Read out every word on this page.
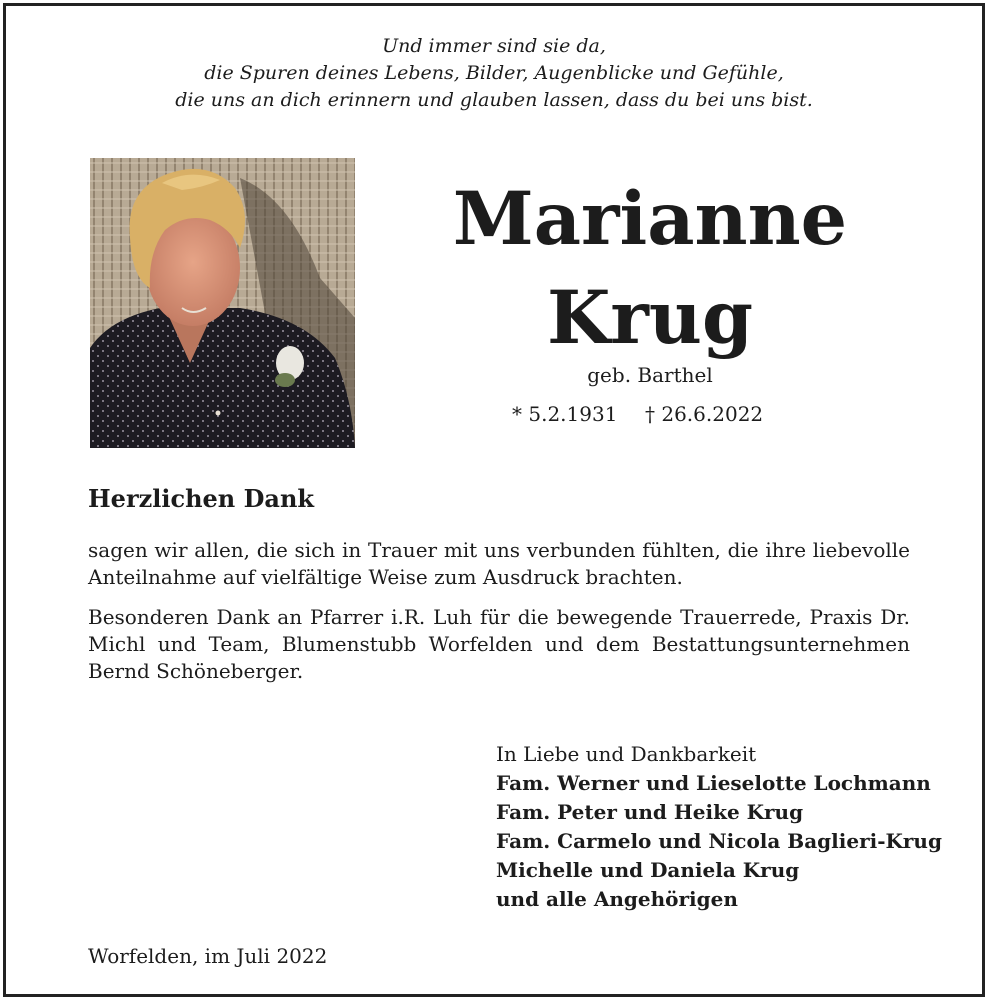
Und immer sind sie da,
die Spuren deines Lebens, Bilder, Augenblicke und Gefühle,
die uns an dich erinnern und glauben lassen, dass du bei uns bist.
Marianne
Krug
geb. Barthel
* 5.2.1931 † 26.6.2022
Herzlichen Dank
sagen wir allen, die sich in Trauer mit uns verbunden fühlten, die ihre liebevolle Anteilnahme auf vielfältige Weise zum Ausdruck brachten.
Besonderen Dank an Pfarrer i.R. Luh für die bewegende Trauerrede, Praxis Dr. Michl und Team, Blumenstubb Worfelden und dem Bestattungsunternehmen Bernd Schöneberger.
In Liebe und Dankbarkeit
Fam. Werner und Lieselotte Lochmann
Fam. Peter und Heike Krug
Fam. Carmelo und Nicola Baglieri-Krug
Michelle und Daniela Krug
und alle Angehörigen
Worfelden, im Juli 2022
